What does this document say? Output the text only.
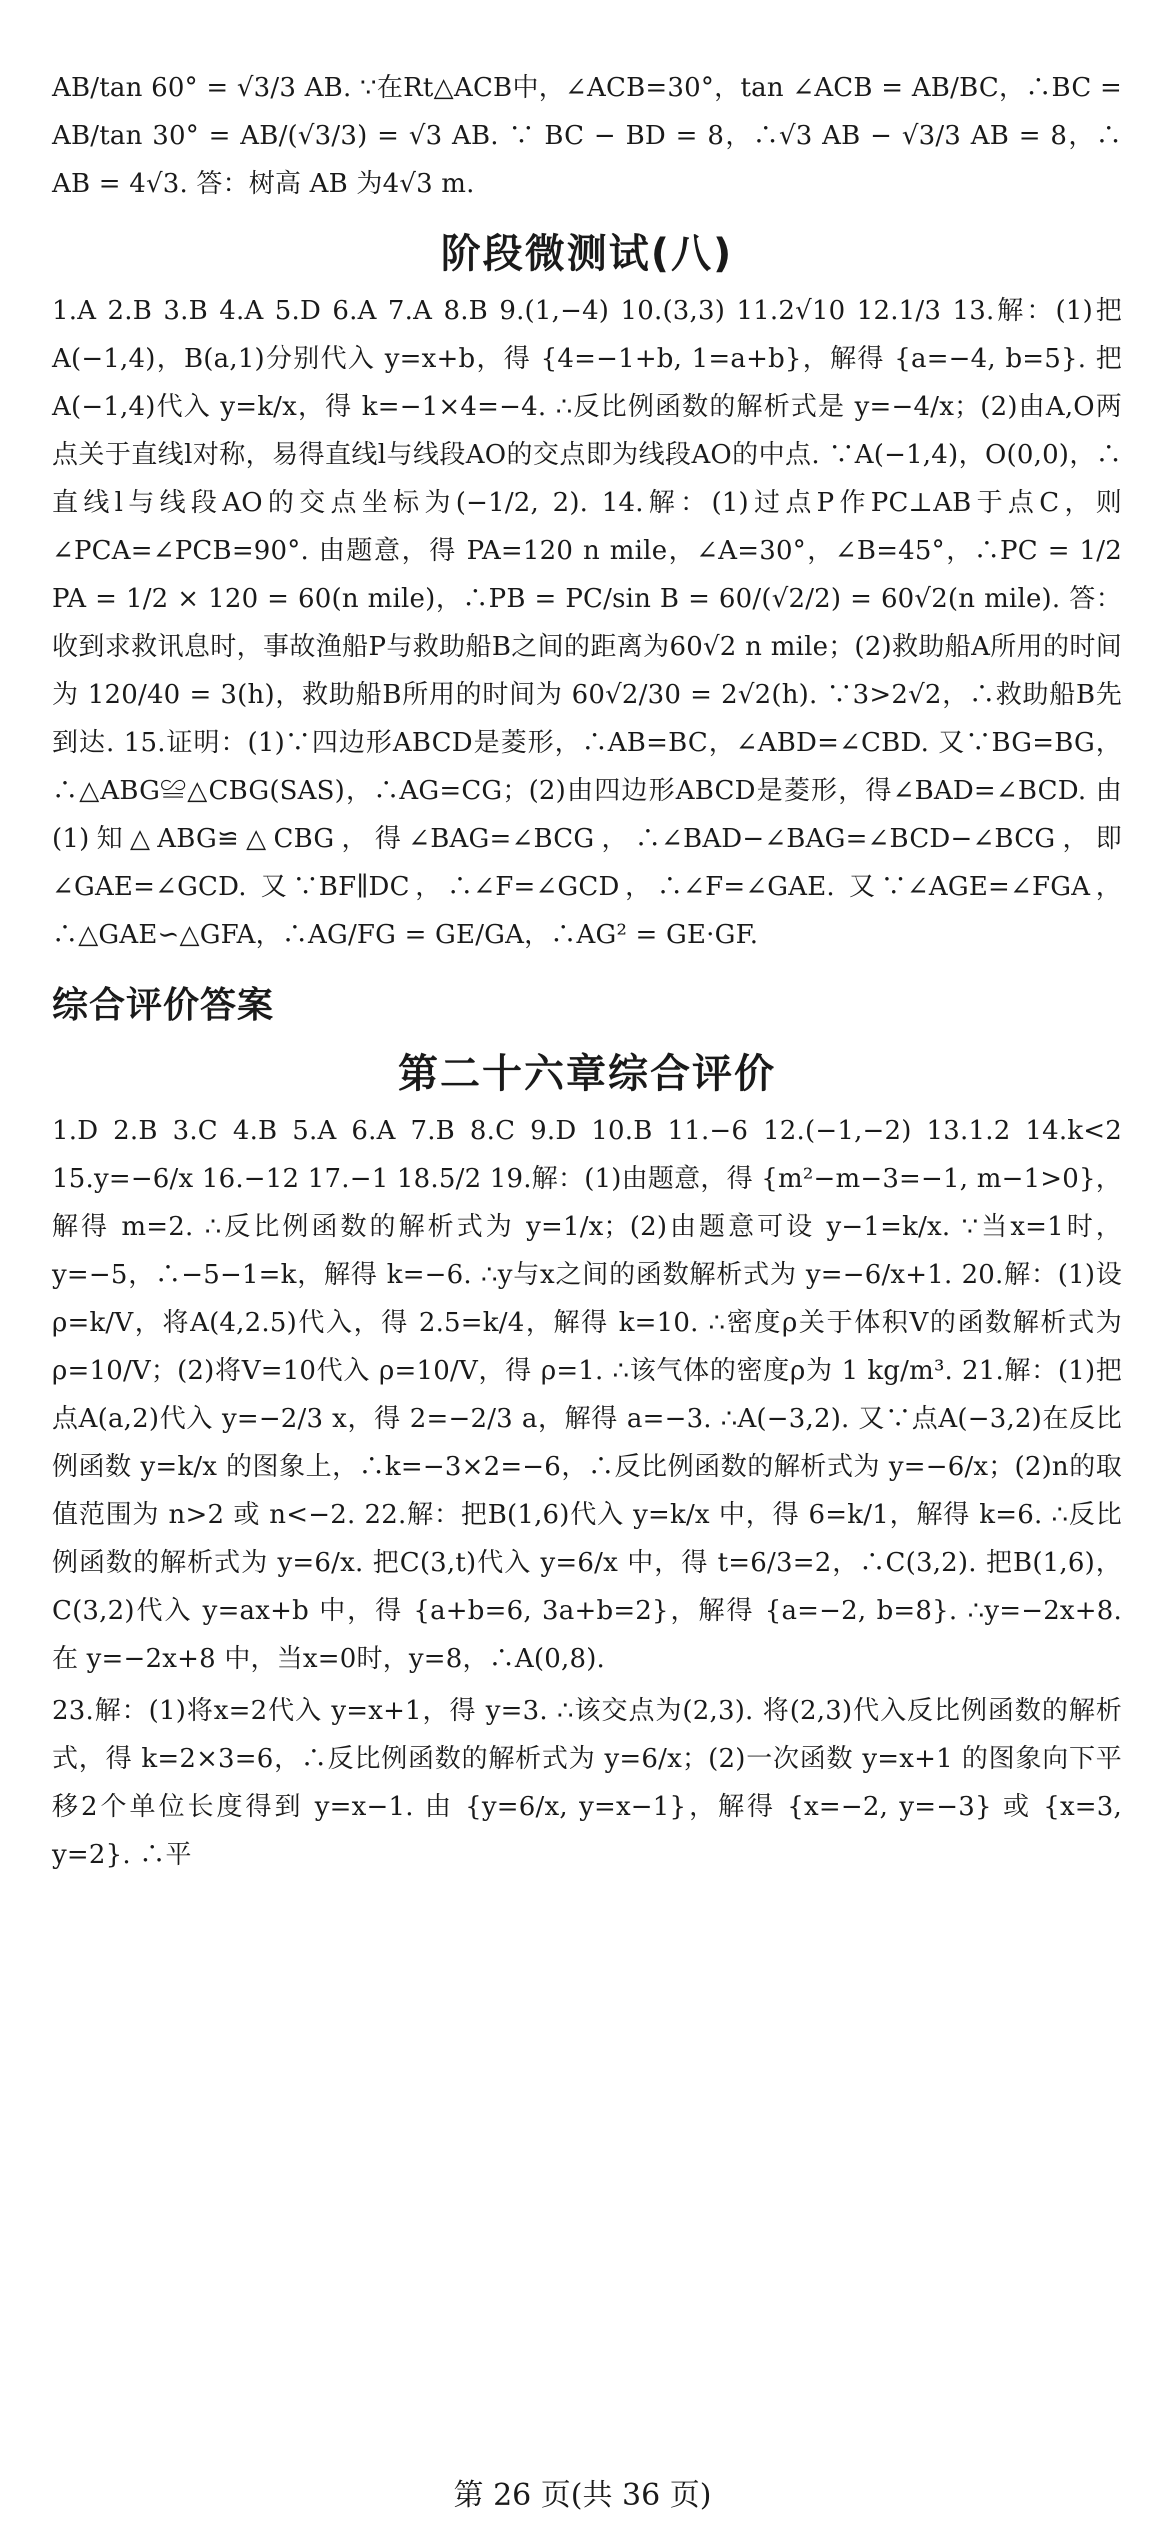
AB/tan 60° = √3/3 AB. ∵在Rt△ACB中，∠ACB=30°，tan ∠ACB = AB/BC，∴BC = AB/tan 30° = AB/(√3/3) = √3 AB. ∵ BC − BD = 8，∴√3 AB − √3/3 AB = 8，∴ AB = 4√3. 答：树高 AB 为4√3 m.

阶段微测试(八)

1.A 2.B 3.B 4.A 5.D 6.A 7.A 8.B 9.(1,−4) 10.(3,3) 11.2√10 12.1/3 13.解：(1)把A(−1,4)，B(a,1)分别代入 y=x+b，得 {4=−1+b, 1=a+b}，解得 {a=−4, b=5}. 把A(−1,4)代入 y=k/x，得 k=−1×4=−4. ∴反比例函数的解析式是 y=−4/x；(2)由A,O两点关于直线l对称，易得直线l与线段AO的交点即为线段AO的中点. ∵A(−1,4)，O(0,0)，∴直线l与线段AO的交点坐标为(−1/2, 2). 14.解：(1)过点P作PC⊥AB于点C，则∠PCA=∠PCB=90°. 由题意，得 PA=120 n mile，∠A=30°，∠B=45°，∴PC = 1/2 PA = 1/2 × 120 = 60(n mile)，∴PB = PC/sin B = 60/(√2/2) = 60√2(n mile). 答：收到求救讯息时，事故渔船P与救助船B之间的距离为60√2 n mile；(2)救助船A所用的时间为 120/40 = 3(h)，救助船B所用的时间为 60√2/30 = 2√2(h). ∵3>2√2，∴救助船B先到达. 15.证明：(1)∵四边形ABCD是菱形，∴AB=BC，∠ABD=∠CBD. 又∵BG=BG，∴△ABG≌△CBG(SAS)，∴AG=CG；(2)由四边形ABCD是菱形，得∠BAD=∠BCD. 由(1)知△ABG≌△CBG，得∠BAG=∠BCG，∴∠BAD−∠BAG=∠BCD−∠BCG，即∠GAE=∠GCD. 又∵BF∥DC，∴∠F=∠GCD，∴∠F=∠GAE. 又∵∠AGE=∠FGA，∴△GAE∽△GFA，∴AG/FG = GE/GA，∴AG² = GE·GF.

综合评价答案
第二十六章综合评价

1.D 2.B 3.C 4.B 5.A 6.A 7.B 8.C 9.D 10.B 11.−6 12.(−1,−2) 13.1.2 14.k<2 15.y=−6/x 16.−12 17.−1 18.5/2 19.解：(1)由题意，得 {m²−m−3=−1, m−1>0}，解得 m=2. ∴反比例函数的解析式为 y=1/x；(2)由题意可设 y−1=k/x. ∵当x=1时，y=−5，∴−5−1=k，解得 k=−6. ∴y与x之间的函数解析式为 y=−6/x+1. 20.解：(1)设 ρ=k/V，将A(4,2.5)代入，得 2.5=k/4，解得 k=10. ∴密度ρ关于体积V的函数解析式为 ρ=10/V；(2)将V=10代入 ρ=10/V，得 ρ=1. ∴该气体的密度ρ为 1 kg/m³. 21.解：(1)把点A(a,2)代入 y=−2/3 x，得 2=−2/3 a，解得 a=−3. ∴A(−3,2). 又∵点A(−3,2)在反比例函数 y=k/x 的图象上，∴k=−3×2=−6，∴反比例函数的解析式为 y=−6/x；(2)n的取值范围为 n>2 或 n<−2. 22.解：把B(1,6)代入 y=k/x 中，得 6=k/1，解得 k=6. ∴反比例函数的解析式为 y=6/x. 把C(3,t)代入 y=6/x 中，得 t=6/3=2，∴C(3,2). 把B(1,6)，C(3,2)代入 y=ax+b 中，得 {a+b=6, 3a+b=2}，解得 {a=−2, b=8}. ∴y=−2x+8. 在 y=−2x+8 中，当x=0时，y=8，∴A(0,8).

23.解：(1)将x=2代入 y=x+1，得 y=3. ∴该交点为(2,3). 将(2,3)代入反比例函数的解析式，得 k=2×3=6，∴反比例函数的解析式为 y=6/x；(2)一次函数 y=x+1 的图象向下平移2个单位长度得到 y=x−1. 由 {y=6/x, y=x−1}，解得 {x=−2, y=−3} 或 {x=3, y=2}. ∴平

第 26 页(共 36 页)
